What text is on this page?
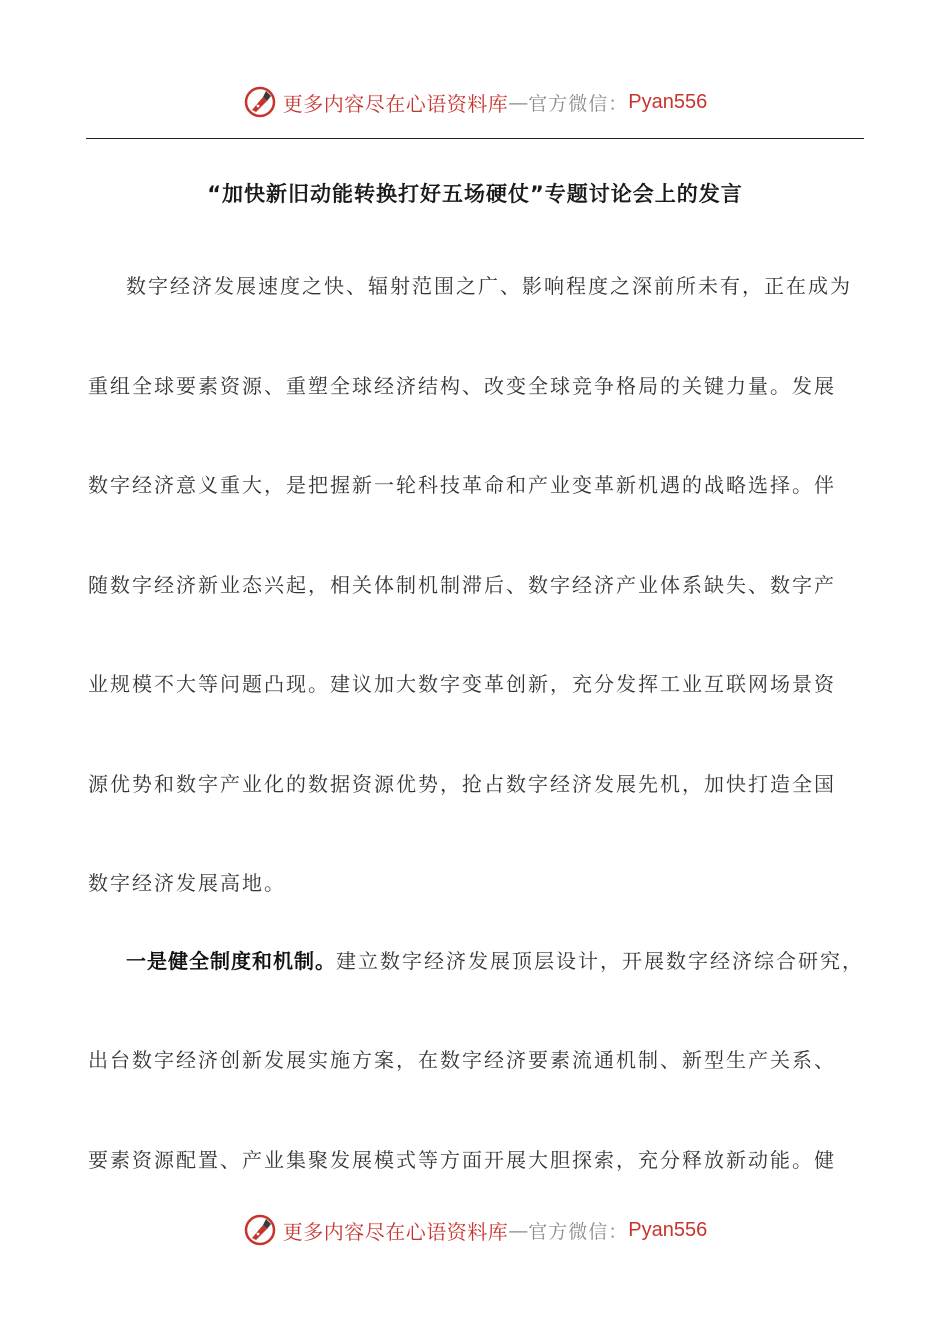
更多内容尽在心语资料库 — 官方微信： Pyan556
“加快新旧动能转换打好五场硬仗”专题讨论会上的发言
数字经济发展速度之快、辐射范围之广、影响程度之深前所未有，正在成为
重组全球要素资源、重塑全球经济结构、改变全球竞争格局的关键力量。发展
数字经济意义重大，是把握新一轮科技革命和产业变革新机遇的战略选择。伴
随数字经济新业态兴起，相关体制机制滞后、数字经济产业体系缺失、数字产
业规模不大等问题凸现。建议加大数字变革创新，充分发挥工业互联网场景资
源优势和数字产业化的数据资源优势，抢占数字经济发展先机，加快打造全国
数字经济发展高地。
一是健全制度和机制。建立数字经济发展顶层设计，开展数字经济综合研究，
出台数字经济创新发展实施方案，在数字经济要素流通机制、新型生产关系、
要素资源配置、产业集聚发展模式等方面开展大胆探索，充分释放新动能。健
更多内容尽在心语资料库 — 官方微信： Pyan556
